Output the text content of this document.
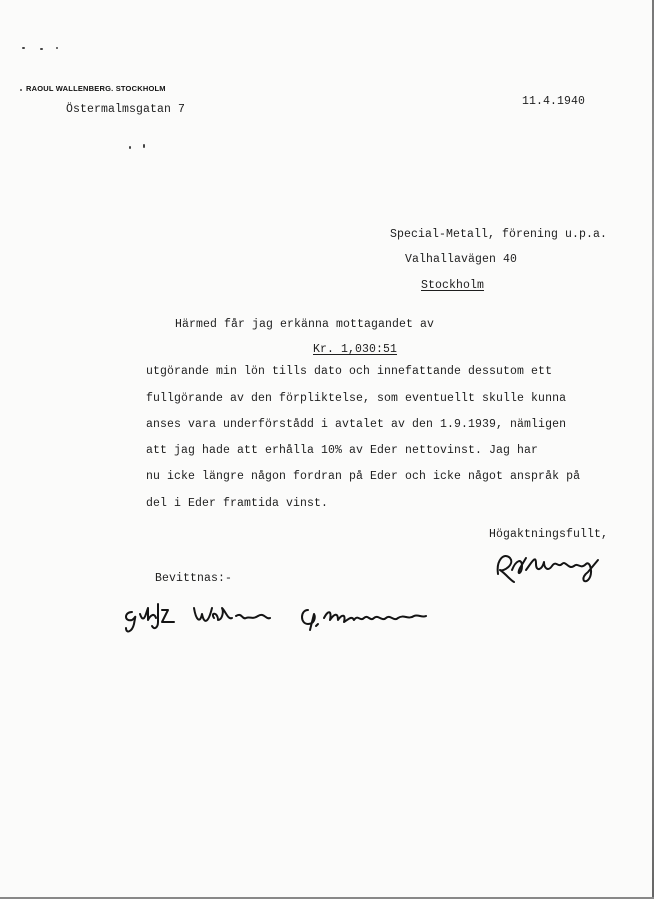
RAOUL WALLENBERG. STOCKHOLM
Östermalmsgatan 7
11.4.1940
Special-Metall, förening u.p.a.
Valhallavägen 40
Stockholm
Härmed får jag erkänna mottagandet av
Kr. 1,030:51
utgörande min lön tills dato och innefattande dessutom ett
fullgörande av den förpliktelse, som eventuellt skulle kunna
anses vara underförstådd i avtalet av den 1.9.1939, nämligen
att jag hade att erhålla 10% av Eder nettovinst. Jag har
nu icke längre någon fordran på Eder och icke något anspråk på
del i Eder framtida vinst.
Högaktningsfullt,
Bevittnas:-
